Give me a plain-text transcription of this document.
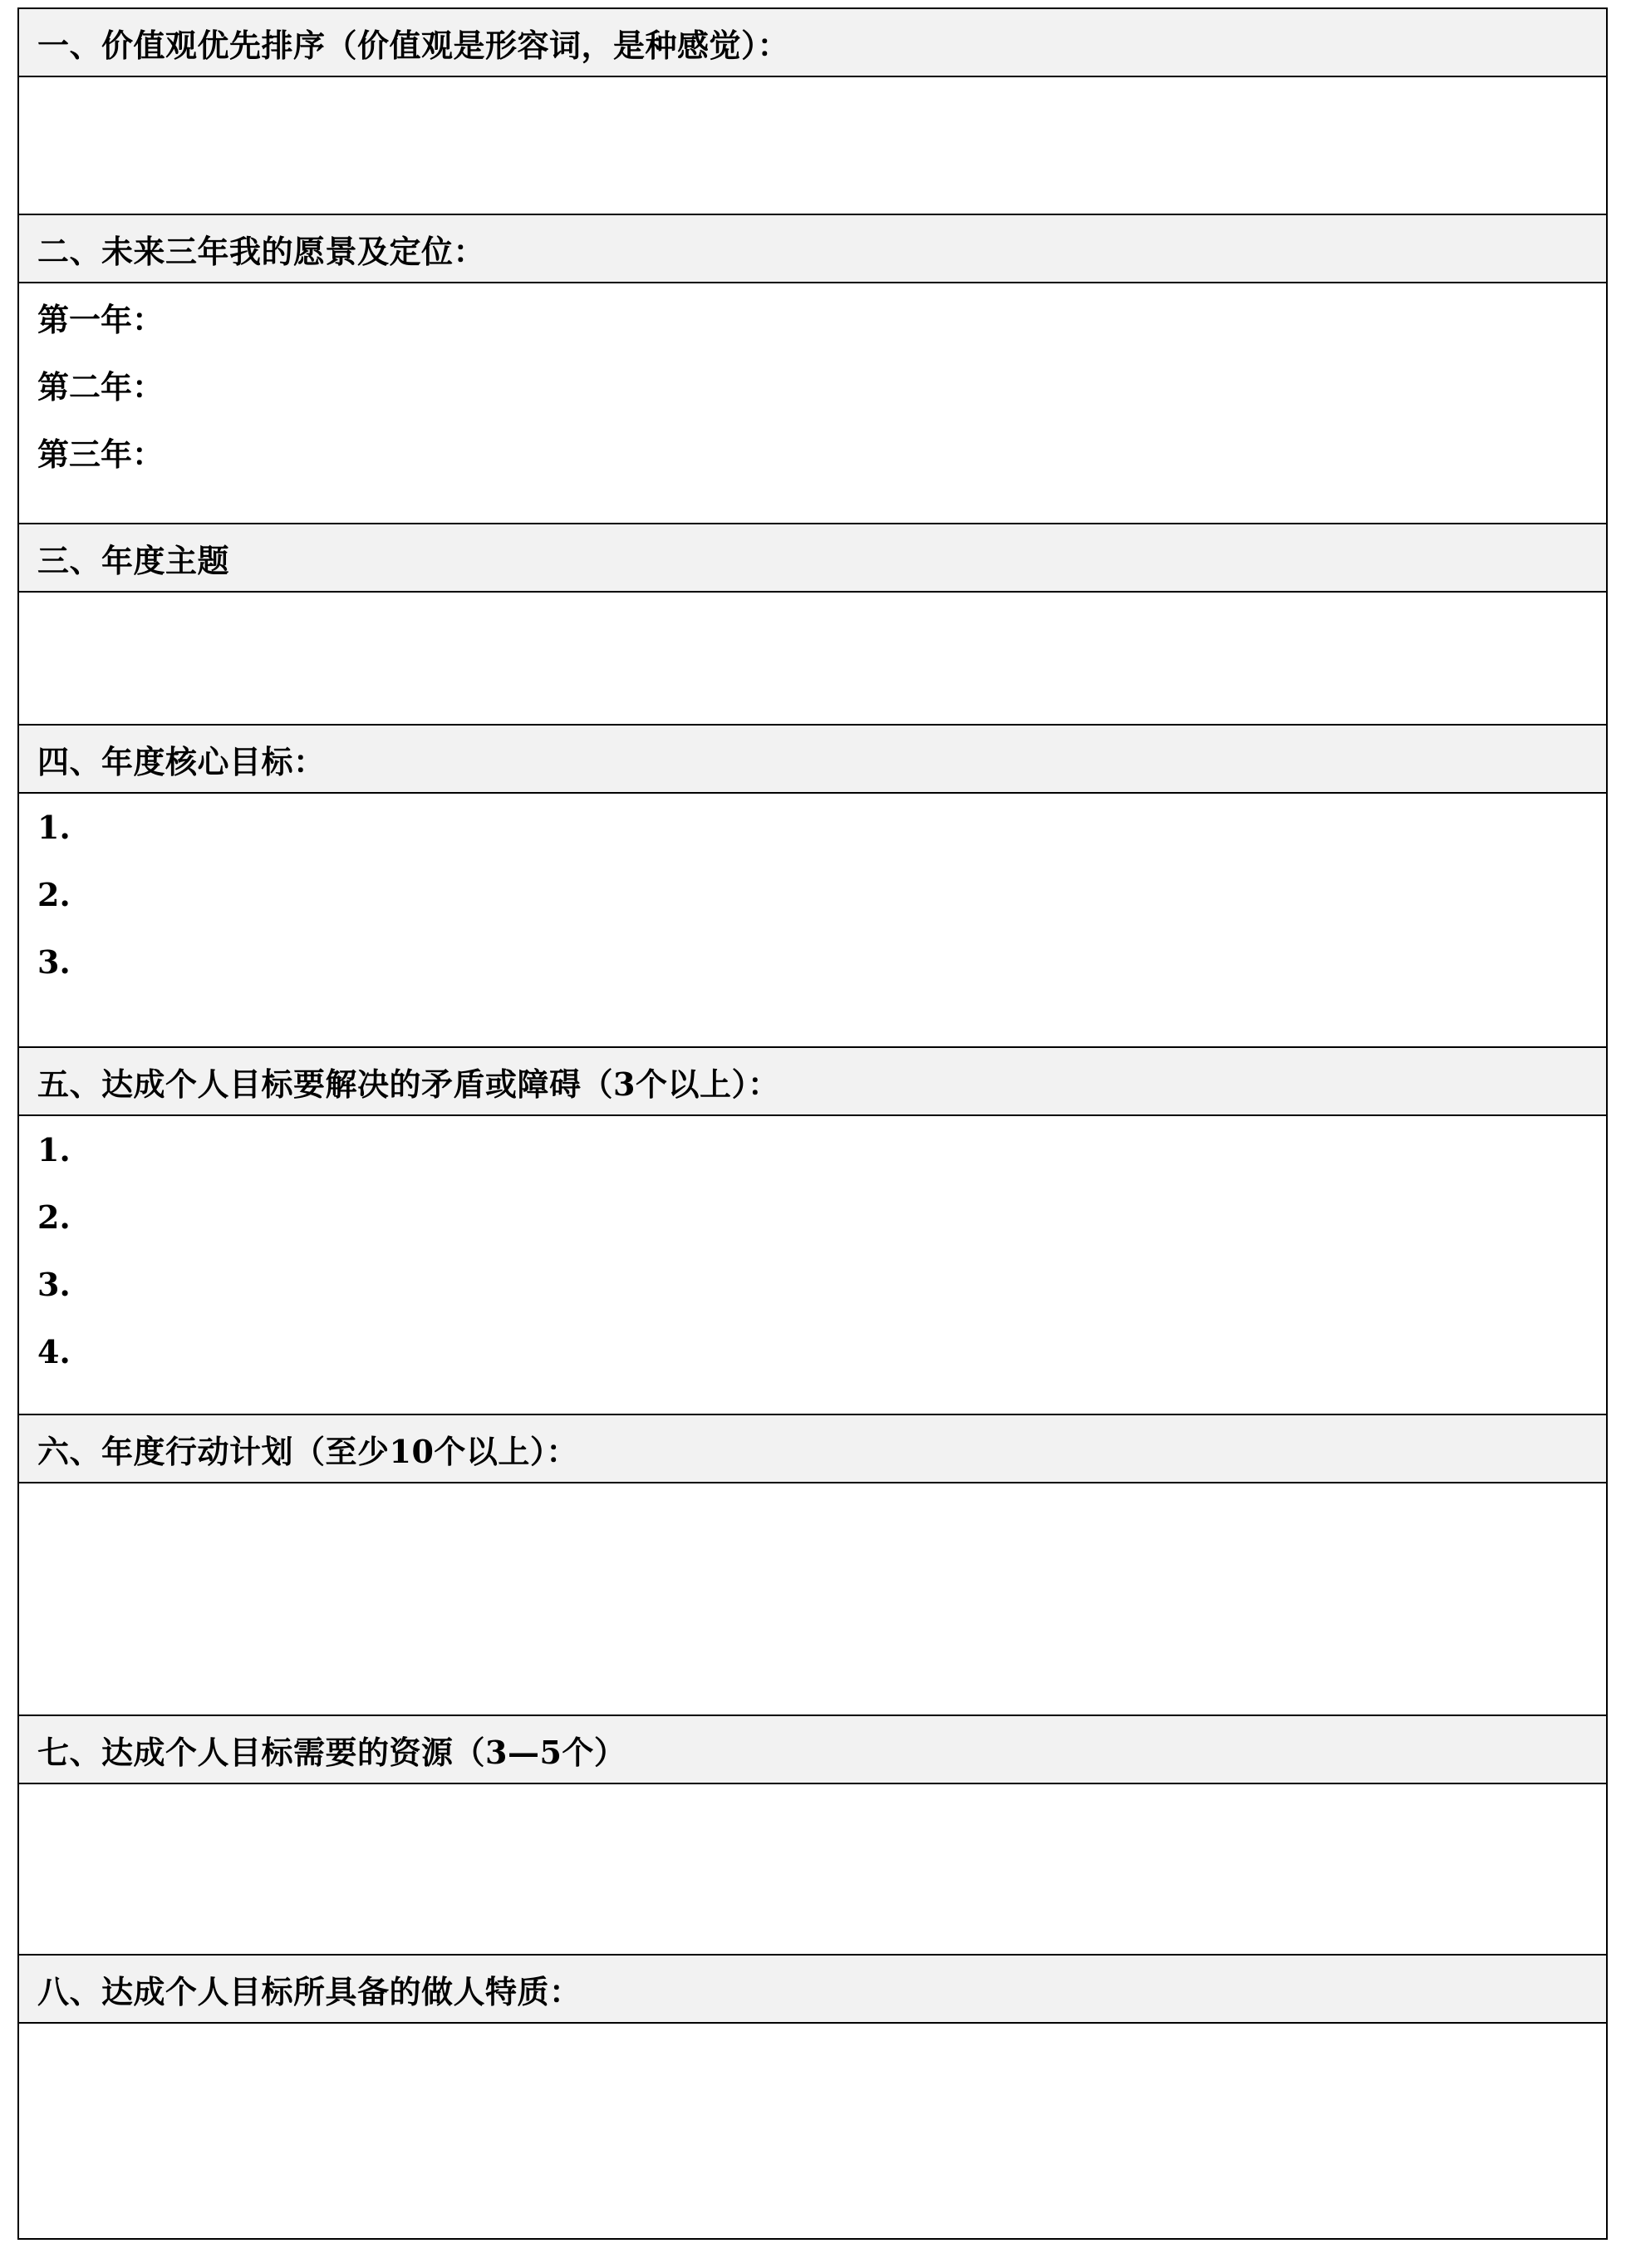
一、价值观优先排序（价值观是形容词，是种感觉）：
二、未来三年我的愿景及定位：
第一年：
第二年：
第三年：
三、年度主题
四、年度核心目标：
1.
2.
3.
五、达成个人目标要解决的矛盾或障碍（3个以上）：
1.
2.
3.
4.
六、年度行动计划（至少10个以上）：
七、达成个人目标需要的资源（3—5个）
八、达成个人目标所具备的做人特质：
